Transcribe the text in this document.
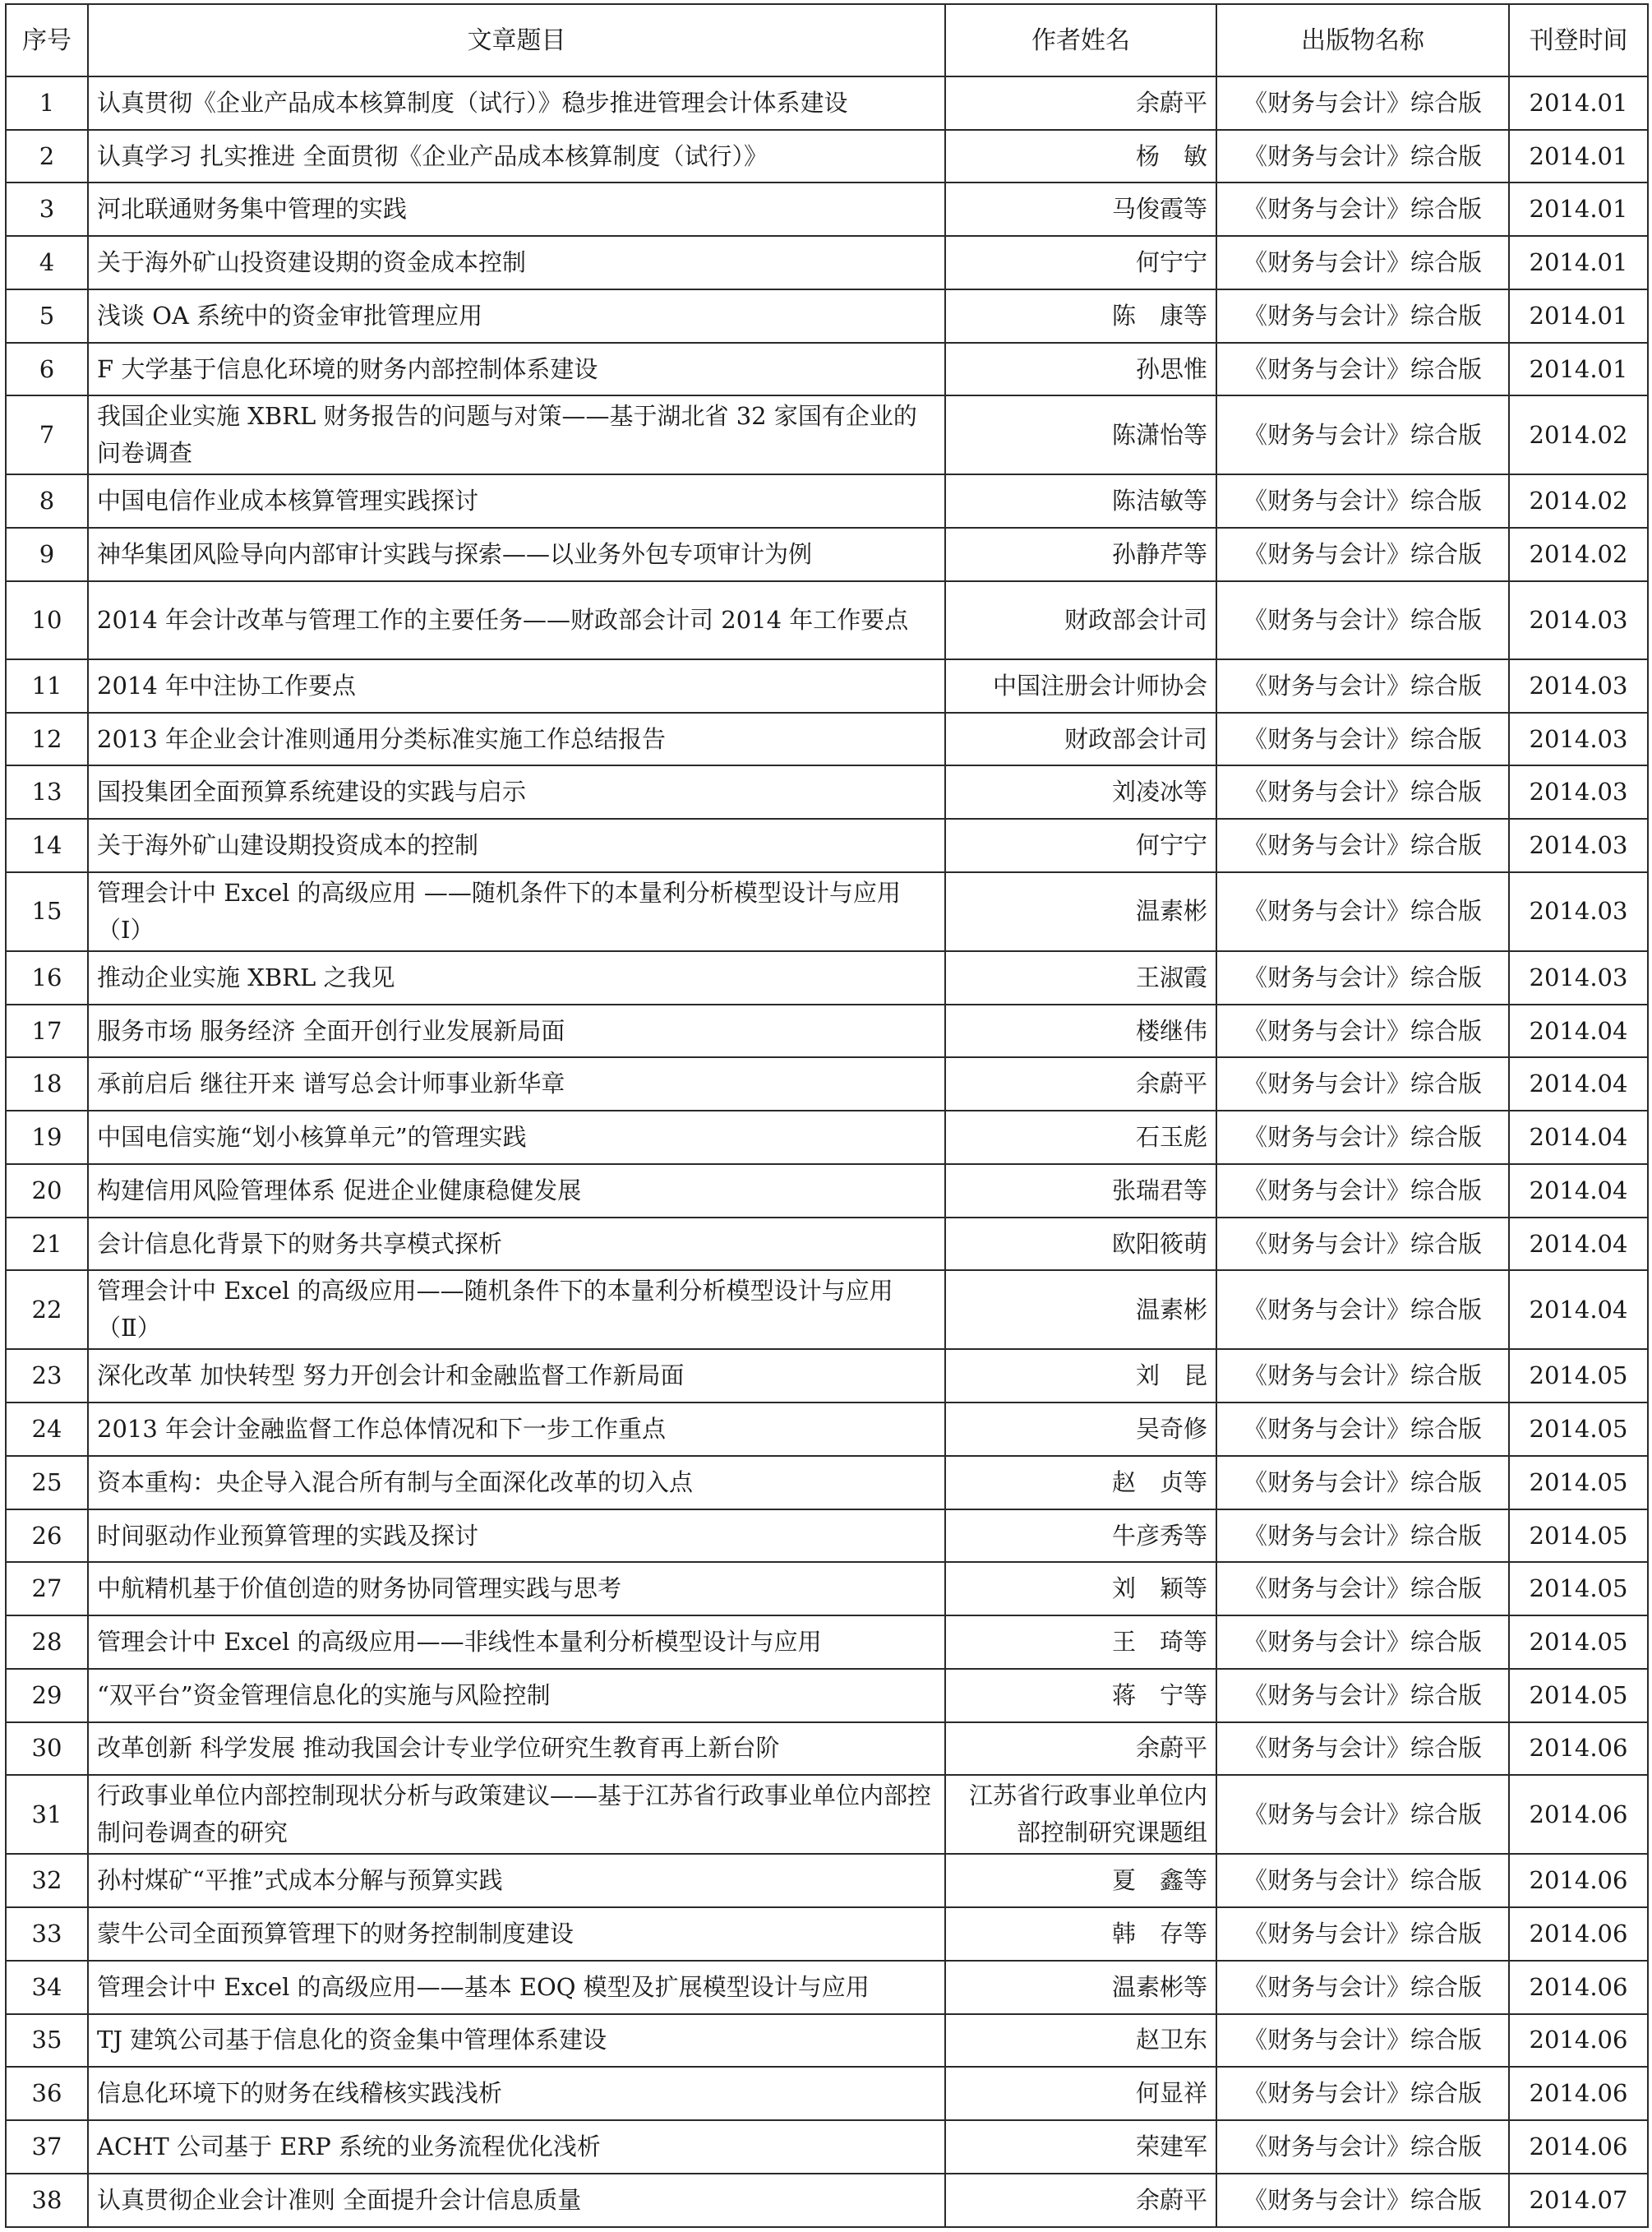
序号	文章题目	作者姓名	出版物名称	刊登时间
1	认真贯彻《企业产品成本核算制度（试行）》稳步推进管理会计体系建设	余蔚平	《财务与会计》综合版	2014.01
2	认真学习 扎实推进 全面贯彻《企业产品成本核算制度（试行）》	杨　敏	《财务与会计》综合版	2014.01
3	河北联通财务集中管理的实践	马俊霞等	《财务与会计》综合版	2014.01
4	关于海外矿山投资建设期的资金成本控制	何宁宁	《财务与会计》综合版	2014.01
5	浅谈 OA 系统中的资金审批管理应用	陈　康等	《财务与会计》综合版	2014.01
6	F 大学基于信息化环境的财务内部控制体系建设	孙思惟	《财务与会计》综合版	2014.01
7	我国企业实施 XBRL 财务报告的问题与对策——基于湖北省 32 家国有企业的问卷调查	陈潇怡等	《财务与会计》综合版	2014.02
8	中国电信作业成本核算管理实践探讨	陈洁敏等	《财务与会计》综合版	2014.02
9	神华集团风险导向内部审计实践与探索——以业务外包专项审计为例	孙静芹等	《财务与会计》综合版	2014.02
10	2014 年会计改革与管理工作的主要任务——财政部会计司 2014 年工作要点	财政部会计司	《财务与会计》综合版	2014.03
11	2014 年中注协工作要点	中国注册会计师协会	《财务与会计》综合版	2014.03
12	2013 年企业会计准则通用分类标准实施工作总结报告	财政部会计司	《财务与会计》综合版	2014.03
13	国投集团全面预算系统建设的实践与启示	刘凌冰等	《财务与会计》综合版	2014.03
14	关于海外矿山建设期投资成本的控制	何宁宁	《财务与会计》综合版	2014.03
15	管理会计中 Excel 的高级应用 ——随机条件下的本量利分析模型设计与应用（Ⅰ）	温素彬	《财务与会计》综合版	2014.03
16	推动企业实施 XBRL 之我见	王淑霞	《财务与会计》综合版	2014.03
17	服务市场 服务经济 全面开创行业发展新局面	楼继伟	《财务与会计》综合版	2014.04
18	承前启后 继往开来 谱写总会计师事业新华章	余蔚平	《财务与会计》综合版	2014.04
19	中国电信实施“划小核算单元”的管理实践	石玉彪	《财务与会计》综合版	2014.04
20	构建信用风险管理体系 促进企业健康稳健发展	张瑞君等	《财务与会计》综合版	2014.04
21	会计信息化背景下的财务共享模式探析	欧阳筱萌	《财务与会计》综合版	2014.04
22	管理会计中 Excel 的高级应用——随机条件下的本量利分析模型设计与应用（Ⅱ）	温素彬	《财务与会计》综合版	2014.04
23	深化改革 加快转型 努力开创会计和金融监督工作新局面	刘　昆	《财务与会计》综合版	2014.05
24	2013 年会计金融监督工作总体情况和下一步工作重点	吴奇修	《财务与会计》综合版	2014.05
25	资本重构：央企导入混合所有制与全面深化改革的切入点	赵　贞等	《财务与会计》综合版	2014.05
26	时间驱动作业预算管理的实践及探讨	牛彦秀等	《财务与会计》综合版	2014.05
27	中航精机基于价值创造的财务协同管理实践与思考	刘　颖等	《财务与会计》综合版	2014.05
28	管理会计中 Excel 的高级应用——非线性本量利分析模型设计与应用	王　琦等	《财务与会计》综合版	2014.05
29	“双平台”资金管理信息化的实施与风险控制	蒋　宁等	《财务与会计》综合版	2014.05
30	改革创新 科学发展 推动我国会计专业学位研究生教育再上新台阶	余蔚平	《财务与会计》综合版	2014.06
31	行政事业单位内部控制现状分析与政策建议——基于江苏省行政事业单位内部控制问卷调查的研究	江苏省行政事业单位内部控制研究课题组	《财务与会计》综合版	2014.06
32	孙村煤矿“平推”式成本分解与预算实践	夏　鑫等	《财务与会计》综合版	2014.06
33	蒙牛公司全面预算管理下的财务控制制度建设	韩　存等	《财务与会计》综合版	2014.06
34	管理会计中 Excel 的高级应用——基本 EOQ 模型及扩展模型设计与应用	温素彬等	《财务与会计》综合版	2014.06
35	TJ 建筑公司基于信息化的资金集中管理体系建设	赵卫东	《财务与会计》综合版	2014.06
36	信息化环境下的财务在线稽核实践浅析	何显祥	《财务与会计》综合版	2014.06
37	ACHT 公司基于 ERP 系统的业务流程优化浅析	荣建军	《财务与会计》综合版	2014.06
38	认真贯彻企业会计准则 全面提升会计信息质量	余蔚平	《财务与会计》综合版	2014.07
